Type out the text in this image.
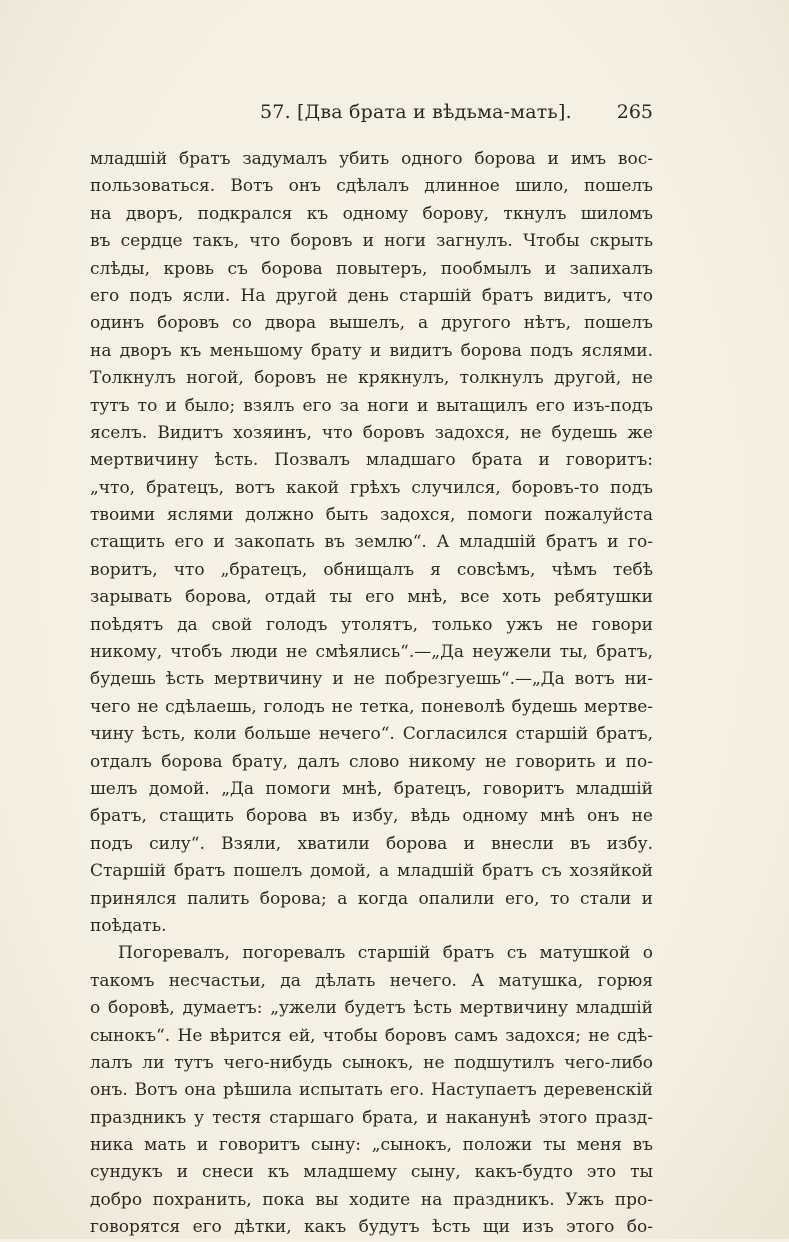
57. [Два брата и вѣдьма-мать]. 265
младшій братъ задумалъ убить одного борова и имъ вос-
пользоваться. Вотъ онъ сдѣлалъ длинное шило, пошелъ
на дворъ, подкрался къ одному борову, ткнулъ шиломъ
въ сердце такъ, что боровъ и ноги загнулъ. Чтобы скрыть
слѣды, кровь съ борова повытеръ, пообмылъ и запихалъ
его подъ ясли. На другой день старшій братъ видитъ, что
одинъ боровъ со двора вышелъ, а другого нѣтъ, пошелъ
на дворъ къ меньшому брату и видитъ борова подъ яслями.
Толкнулъ ногой, боровъ не крякнулъ, толкнулъ другой, не
тутъ то и было; взялъ его за ноги и вытащилъ его изъ-подъ
яселъ. Видитъ хозяинъ, что боровъ задохся, не будешь же
мертвичину ѣсть. Позвалъ младшаго брата и говоритъ:
„что, братецъ, вотъ какой грѣхъ случился, боровъ-то подъ
твоими яслями должно быть задохся, помоги пожалуйста
стащить его и закопать въ землю“. А младшій братъ и го-
воритъ, что „братецъ, обнищалъ я совсѣмъ, чѣмъ тебѣ
зарывать борова, отдай ты его мнѣ, все хоть ребятушки
поѣдятъ да свой голодъ утолятъ, только ужъ не говори
никому, чтобъ люди не смѣялись“.—„Да неужели ты, братъ,
будешь ѣсть мертвичину и не побрезгуешь“.—„Да вотъ ни-
чего не сдѣлаешь, голодъ не тетка, поневолѣ будешь мертве-
чину ѣсть, коли больше нечего“. Согласился старшій братъ,
отдалъ борова брату, далъ слово никому не говорить и по-
шелъ домой. „Да помоги мнѣ, братецъ, говоритъ младшій
братъ, стащить борова въ избу, вѣдь одному мнѣ онъ не
подъ силу“. Взяли, хватили борова и внесли въ избу.
Старшій братъ пошелъ домой, а младшій братъ съ хозяйкой
принялся палить борова; а когда опалили его, то стали и
поѣдать.
Погоревалъ, погоревалъ старшій братъ съ матушкой о
такомъ несчастьи, да дѣлать нечего. А матушка, горюя
о боровѣ, думаетъ: „ужели будетъ ѣсть мертвичину младшій
сынокъ“. Не вѣрится ей, чтобы боровъ самъ задохся; не сдѣ-
лалъ ли тутъ чего-нибудь сынокъ, не подшутилъ чего-либо
онъ. Вотъ она рѣшила испытать его. Наступаетъ деревенскій
праздникъ у тестя старшаго брата, и наканунѣ этого празд-
ника мать и говоритъ сыну: „сынокъ, положи ты меня въ
сундукъ и снеси къ младшему сыну, какъ-будто это ты
добро похранить, пока вы ходите на праздникъ. Ужъ про-
говорятся его дѣтки, какъ будутъ ѣсть щи изъ этого бо-
